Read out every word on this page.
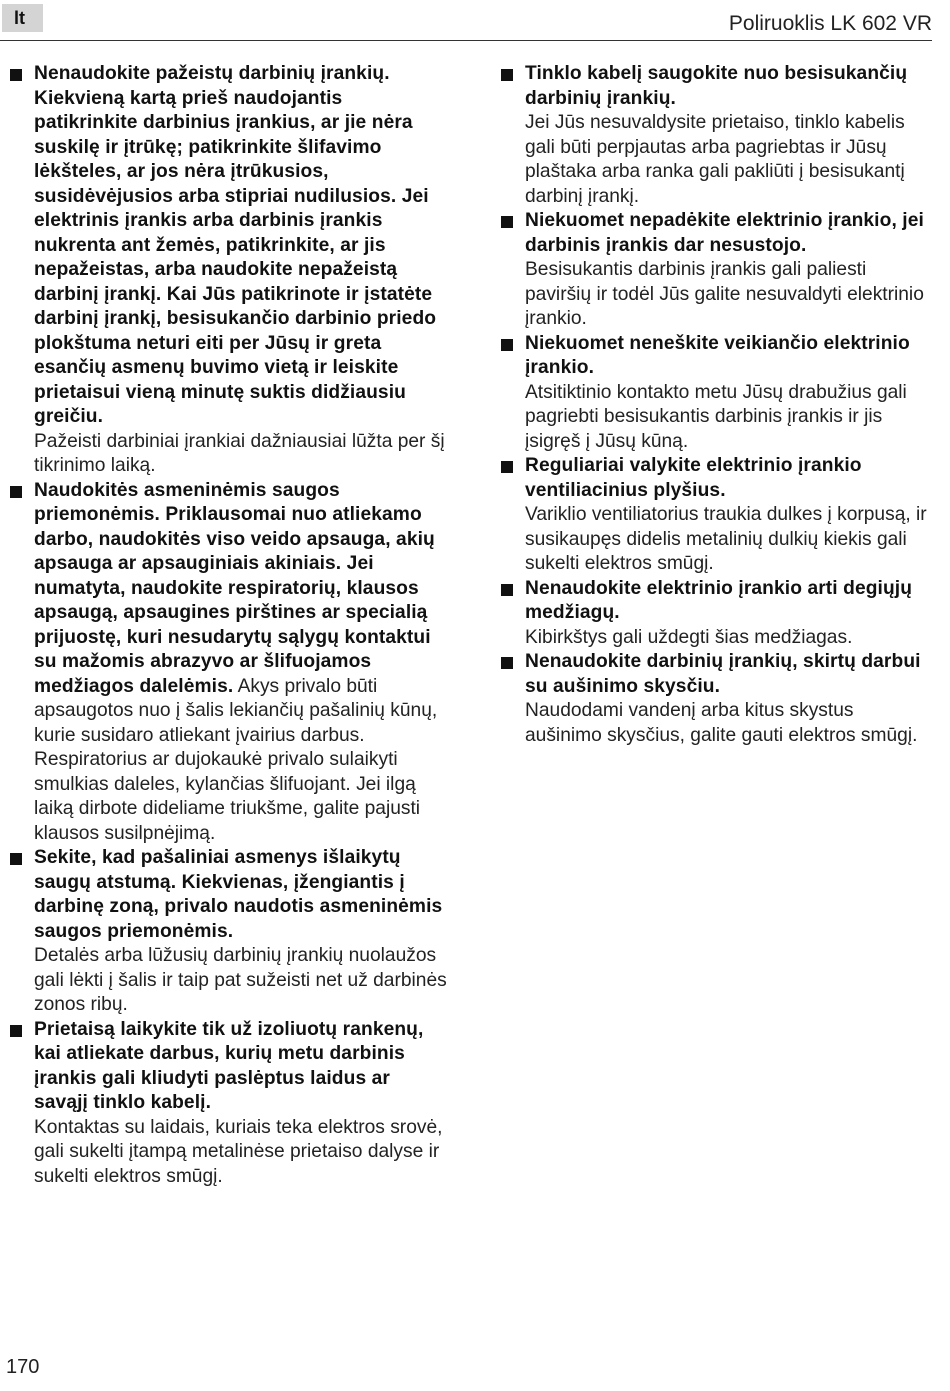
lt	Poliruoklis LK 602 VR
Nenaudokite pažeistų darbinių įrankių. Kiekvieną kartą prieš naudojantis patikrinkite darbinius įrankius, ar jie nėra suskilę ir įtrūkę; patikrinkite šlifavimo lėkšteles, ar jos nėra įtrūkusios, susidėvėjusios arba stipriai nudilusios. Jei elektrinis įrankis arba darbinis įrankis nukrenta ant žemės, patikrinkite, ar jis nepažeistas, arba naudokite nepažeistą darbinį įrankį. Kai Jūs patikrinote ir įstatėte darbinį įrankį, besisukančio darbinio priedo plokštuma neturi eiti per Jūsų ir greta esančių asmenų buvimo vietą ir leiskite prietaisui vieną minutę suktis didžiausiu greičiu.
Pažeisti darbiniai įrankiai dažniausiai lūžta per šį tikrinimo laiką.
Naudokitės asmeninėmis saugos priemonėmis. Priklausomai nuo atliekamo darbo, naudokitės viso veido apsauga, akių apsauga ar apsauginiais akiniais. Jei numatyta, naudokite respiratorių, klausos apsaugą, apsaugines pirštines ar specialią prijuostę, kuri nesudarytų sąlygų kontaktui su mažomis abrazyvo ar šlifuojamos medžiagos dalelėmis. Akys privalo būti apsaugotos nuo į šalis lekiančių pašalinių kūnų, kurie susidaro atliekant įvairius darbus. Respiratorius ar dujokaukė privalo sulaikyti smulkias daleles, kylančias šlifuojant. Jei ilgą laiką dirbote dideliame triukšme, galite pajusti klausos susilpnėjimą.
Sekite, kad pašaliniai asmenys išlaikytų saugų atstumą. Kiekvienas, įžengiantis į darbinę zoną, privalo naudotis asmeninėmis saugos priemonėmis.
Detalės arba lūžusių darbinių įrankių nuolaužos gali lėkti į šalis ir taip pat sužeisti net už darbinės zonos ribų.
Prietaisą laikykite tik už izoliuotų rankenų, kai atliekate darbus, kurių metu darbinis įrankis gali kliudyti paslėptus laidus ar savąjį tinklo kabelį.
Kontaktas su laidais, kuriais teka elektros srovė, gali sukelti įtampą metalinėse prietaiso dalyse ir sukelti elektros smūgį.
Tinklo kabelį saugokite nuo besisukančių darbinių įrankių.
Jei Jūs nesuvaldysite prietaiso, tinklo kabelis gali būti perpjautas arba pagriebtas ir Jūsų plaštaka arba ranka gali pakliūti į besisukantį darbinį įrankį.
Niekuomet nepadėkite elektrinio įrankio, jei darbinis įrankis dar nesustojo.
Besisukantis darbinis įrankis gali paliesti paviršių ir todėl Jūs galite nesuvaldyti elektrinio įrankio.
Niekuomet neneškite veikiančio elektrinio įrankio.
Atsitiktinio kontakto metu Jūsų drabužius gali pagriebti besisukantis darbinis įrankis ir jis įsigręš į Jūsų kūną.
Reguliariai valykite elektrinio įrankio ventiliacinius plyšius.
Variklio ventiliatorius traukia dulkes į korpusą, ir susikaupęs didelis metalinių dulkių kiekis gali sukelti elektros smūgį.
Nenaudokite elektrinio įrankio arti degiųjų medžiagų.
Kibirkštys gali uždegti šias medžiagas.
Nenaudokite darbinių įrankių, skirtų darbui su aušinimo skysčiu.
Naudodami vandenį arba kitus skystus aušinimo skysčius, galite gauti elektros smūgį.
170
